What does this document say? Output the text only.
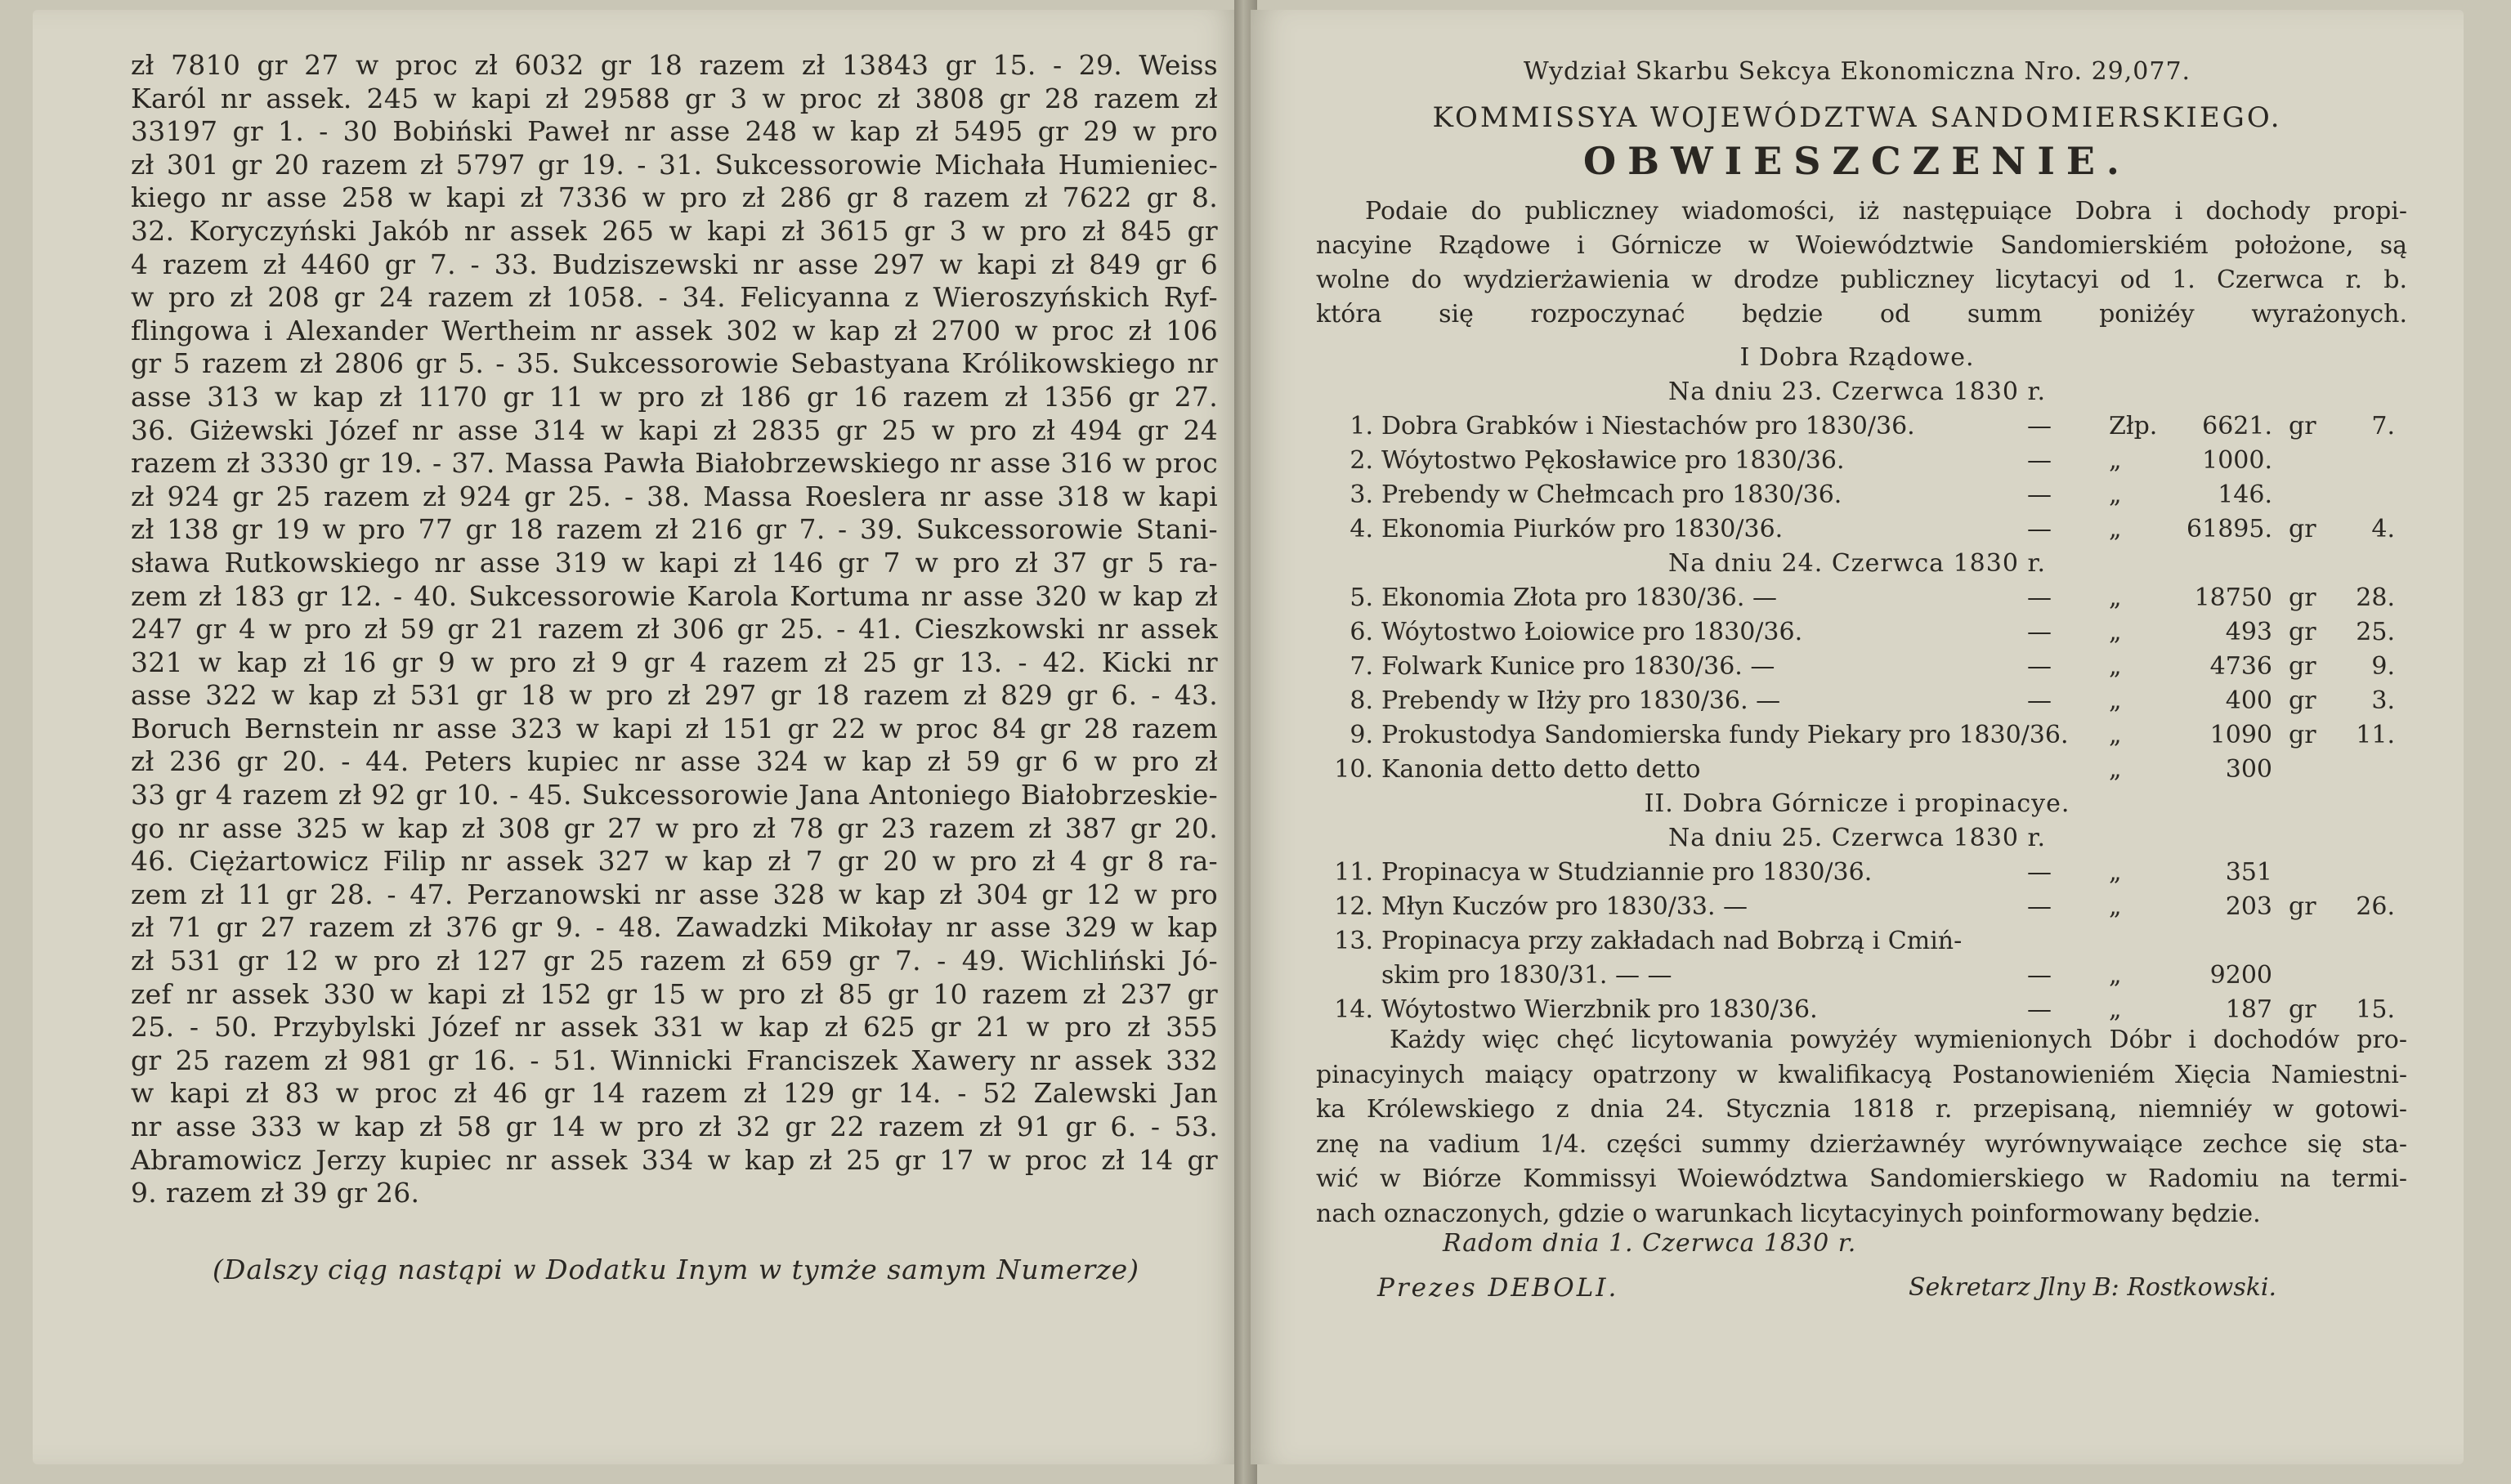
zł 7810 gr 27 w proc zł 6032 gr 18 razem zł 13843 gr 15. - 29. Weiss
Karól nr assek. 245 w kapi zł 29588 gr 3 w proc zł 3808 gr 28 razem zł
33197 gr 1. - 30 Bobiński Paweł nr asse 248 w kap zł 5495 gr 29 w pro
zł 301 gr 20 razem zł 5797 gr 19. - 31. Sukcessorowie Michała Humieniec-
kiego nr asse 258 w kapi zł 7336 w pro zł 286 gr 8 razem zł 7622 gr 8.
32. Koryczyński Jakób nr assek 265 w kapi zł 3615 gr 3 w pro zł 845 gr
4 razem zł 4460 gr 7. - 33. Budziszewski nr asse 297 w kapi zł 849 gr 6
w pro zł 208 gr 24 razem zł 1058. - 34. Felicyanna z Wieroszyńskich Ryf-
flingowa i Alexander Wertheim nr assek 302 w kap zł 2700 w proc zł 106
gr 5 razem zł 2806 gr 5. - 35. Sukcessorowie Sebastyana Królikowskiego nr
asse 313 w kap zł 1170 gr 11 w pro zł 186 gr 16 razem zł 1356 gr 27.
36. Giżewski Józef nr asse 314 w kapi zł 2835 gr 25 w pro zł 494 gr 24
razem zł 3330 gr 19. - 37. Massa Pawła Białobrzewskiego nr asse 316 w proc
zł 924 gr 25 razem zł 924 gr 25. - 38. Massa Roeslera nr asse 318 w kapi
zł 138 gr 19 w pro 77 gr 18 razem zł 216 gr 7. - 39. Sukcessorowie Stani-
sława Rutkowskiego nr asse 319 w kapi zł 146 gr 7 w pro zł 37 gr 5 ra-
zem zł 183 gr 12. - 40. Sukcessorowie Karola Kortuma nr asse 320 w kap zł
247 gr 4 w pro zł 59 gr 21 razem zł 306 gr 25. - 41. Cieszkowski nr assek
321 w kap zł 16 gr 9 w pro zł 9 gr 4 razem zł 25 gr 13. - 42. Kicki nr
asse 322 w kap zł 531 gr 18 w pro zł 297 gr 18 razem zł 829 gr 6. - 43.
Boruch Bernstein nr asse 323 w kapi zł 151 gr 22 w proc 84 gr 28 razem
zł 236 gr 20. - 44. Peters kupiec nr asse 324 w kap zł 59 gr 6 w pro zł
33 gr 4 razem zł 92 gr 10. - 45. Sukcessorowie Jana Antoniego Białobrzeskie-
go nr asse 325 w kap zł 308 gr 27 w pro zł 78 gr 23 razem zł 387 gr 20.
46. Ciężartowicz Filip nr assek 327 w kap zł 7 gr 20 w pro zł 4 gr 8 ra-
zem zł 11 gr 28. - 47. Perzanowski nr asse 328 w kap zł 304 gr 12 w pro
zł 71 gr 27 razem zł 376 gr 9. - 48. Zawadzki Mikołay nr asse 329 w kap
zł 531 gr 12 w pro zł 127 gr 25 razem zł 659 gr 7. - 49. Wichliński Jó-
zef nr assek 330 w kapi zł 152 gr 15 w pro zł 85 gr 10 razem zł 237 gr
25. - 50. Przybylski Józef nr assek 331 w kap zł 625 gr 21 w pro zł 355
gr 25 razem zł 981 gr 16. - 51. Winnicki Franciszek Xawery nr assek 332
w kapi zł 83 w proc zł 46 gr 14 razem zł 129 gr 14. - 52 Zalewski Jan
nr asse 333 w kap zł 58 gr 14 w pro zł 32 gr 22 razem zł 91 gr 6. - 53.
Abramowicz Jerzy kupiec nr assek 334 w kap zł 25 gr 17 w proc zł 14 gr
9. razem zł 39 gr 26.
(Dalszy ciąg nastąpi w Dodatku Inym w tymże samym Numerze)
Wydział Skarbu Sekcya Ekonomiczna Nro. 29,077.
KOMMISSYA WOJEWÓDZTWA SANDOMIERSKIEGO.
OBWIESZCZENIE.
Podaie do publiczney wiadomości, iż następuiące Dobra i dochody propi-
nacyine Rządowe i Górnicze w Woiewództwie Sandomierskiém położone, są
wolne do wydzierżawienia w drodze publiczney licytacyi od 1. Czerwca r. b.
która się rozpoczynać będzie od summ poniżéy wyrażonych.
I Dobra Rządowe.
Na dniu 23. Czerwca 1830 r.
1. Dobra Grabków i Niestachów pro 1830/36.	—	Złp.	6621. gr	7.
2. Wóytostwo Pękosławice pro 1830/36.	—	„	1000.
3. Prebendy w Chełmcach pro 1830/36.	—	„	146.
4. Ekonomia Piurków pro 1830/36.	—	„	61895. gr	4.
Na dniu 24. Czerwca 1830 r.
5. Ekonomia Złota pro 1830/36. —	—	„	18750 gr	28.
6. Wóytostwo Łoiowice pro 1830/36.	—	„	493 gr	25.
7. Folwark Kunice pro 1830/36. —	—	„	4736 gr	9.
8. Prebendy w Iłży pro 1830/36. —	—	„	400 gr	3.
9. Prokustodya Sandomierska fundy Piekary pro 1830/36. „	1090 gr	11.
10. Kanonia detto detto detto	„	300
II. Dobra Górnicze i propinacye.
Na dniu 25. Czerwca 1830 r.
11. Propinacya w Studziannie pro 1830/36.	—	„	351
12. Młyn Kuczów pro 1830/33. —	—	„	203 gr	26.
13. Propinacya przy zakładach nad Bobrzą i Cmiń-
skim pro 1830/31. — —	—	„	9200
14. Wóytostwo Wierzbnik pro 1830/36.	—	„	187 gr	15.
Każdy więc chęć licytowania powyżéy wymienionych Dóbr i dochodów pro-
pinacyinych maiący opatrzony w kwalifikacyą Postanowieniém Xięcia Namiestni-
ka Królewskiego z dnia 24. Stycznia 1818 r. przepisaną, niemniéy w gotowi-
znę na vadium 1/4. części summy dzierżawnéy wyrównywaiące zechce się sta-
wić w Biórze Kommissyi Woiewództwa Sandomierskiego w Radomiu na termi-
nach oznaczonych, gdzie o warunkach licytacyinych poinformowany będzie.
Radom dnia 1. Czerwca 1830 r.
Prezes DEBOLI.	Sekretarz Jlny B: Rostkowski.
